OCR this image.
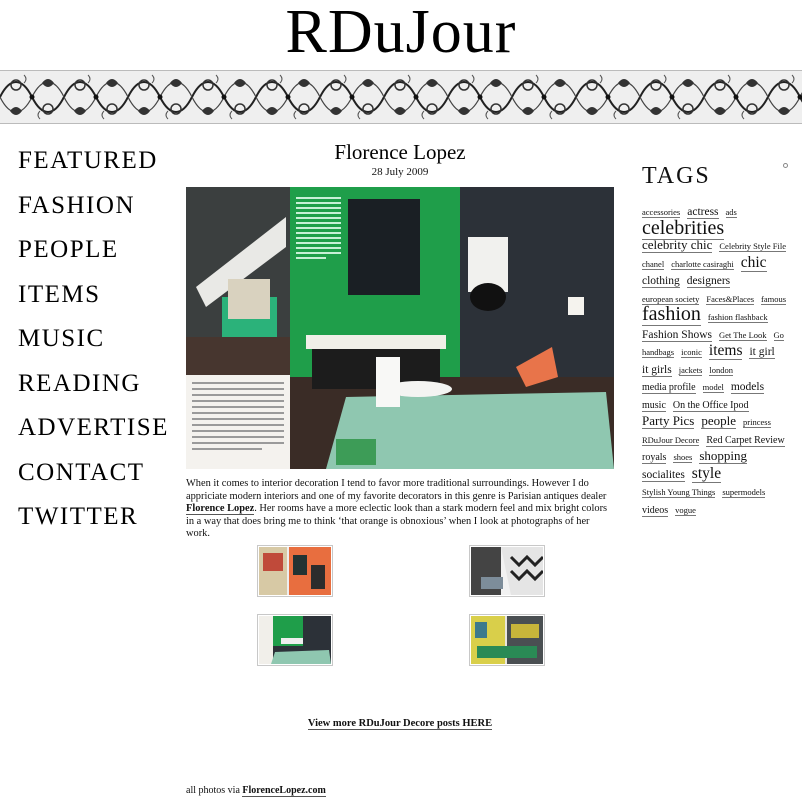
RDuJour
FEATURED
FASHION
PEOPLE
ITEMS
MUSIC
READING
ADVERTISE
CONTACT
TWITTER
Florence Lopez
28 July 2009
When it comes to interior decoration I tend to favor more traditional surroundings. However I do appriciate modern interiors and one of my favorite decorators in this genre is Parisian antiques dealer Florence Lopez. Her rooms have a more eclectic look than a stark modern feel and mix bright colors in a way that does bring me to think ‘that orange is obnoxious’ when I look at photographs of her work.
View more RDuJour Decore posts HERE
all photos via FlorenceLopez.com
TAGS
accessories actress ads celebrities celebrity chic Celebrity Style File chanel charlotte casiraghi chic clothing designers european society Faces&Places famous fashion fashion flashback Fashion Shows Get The Look Go handbags iconic items it girl it girls jackets london media profile model models music On the Office Ipod Party Pics people princess RDuJour Decore Red Carpet Review royals shoes shopping socialites style Stylish Young Things supermodels videos vogue
